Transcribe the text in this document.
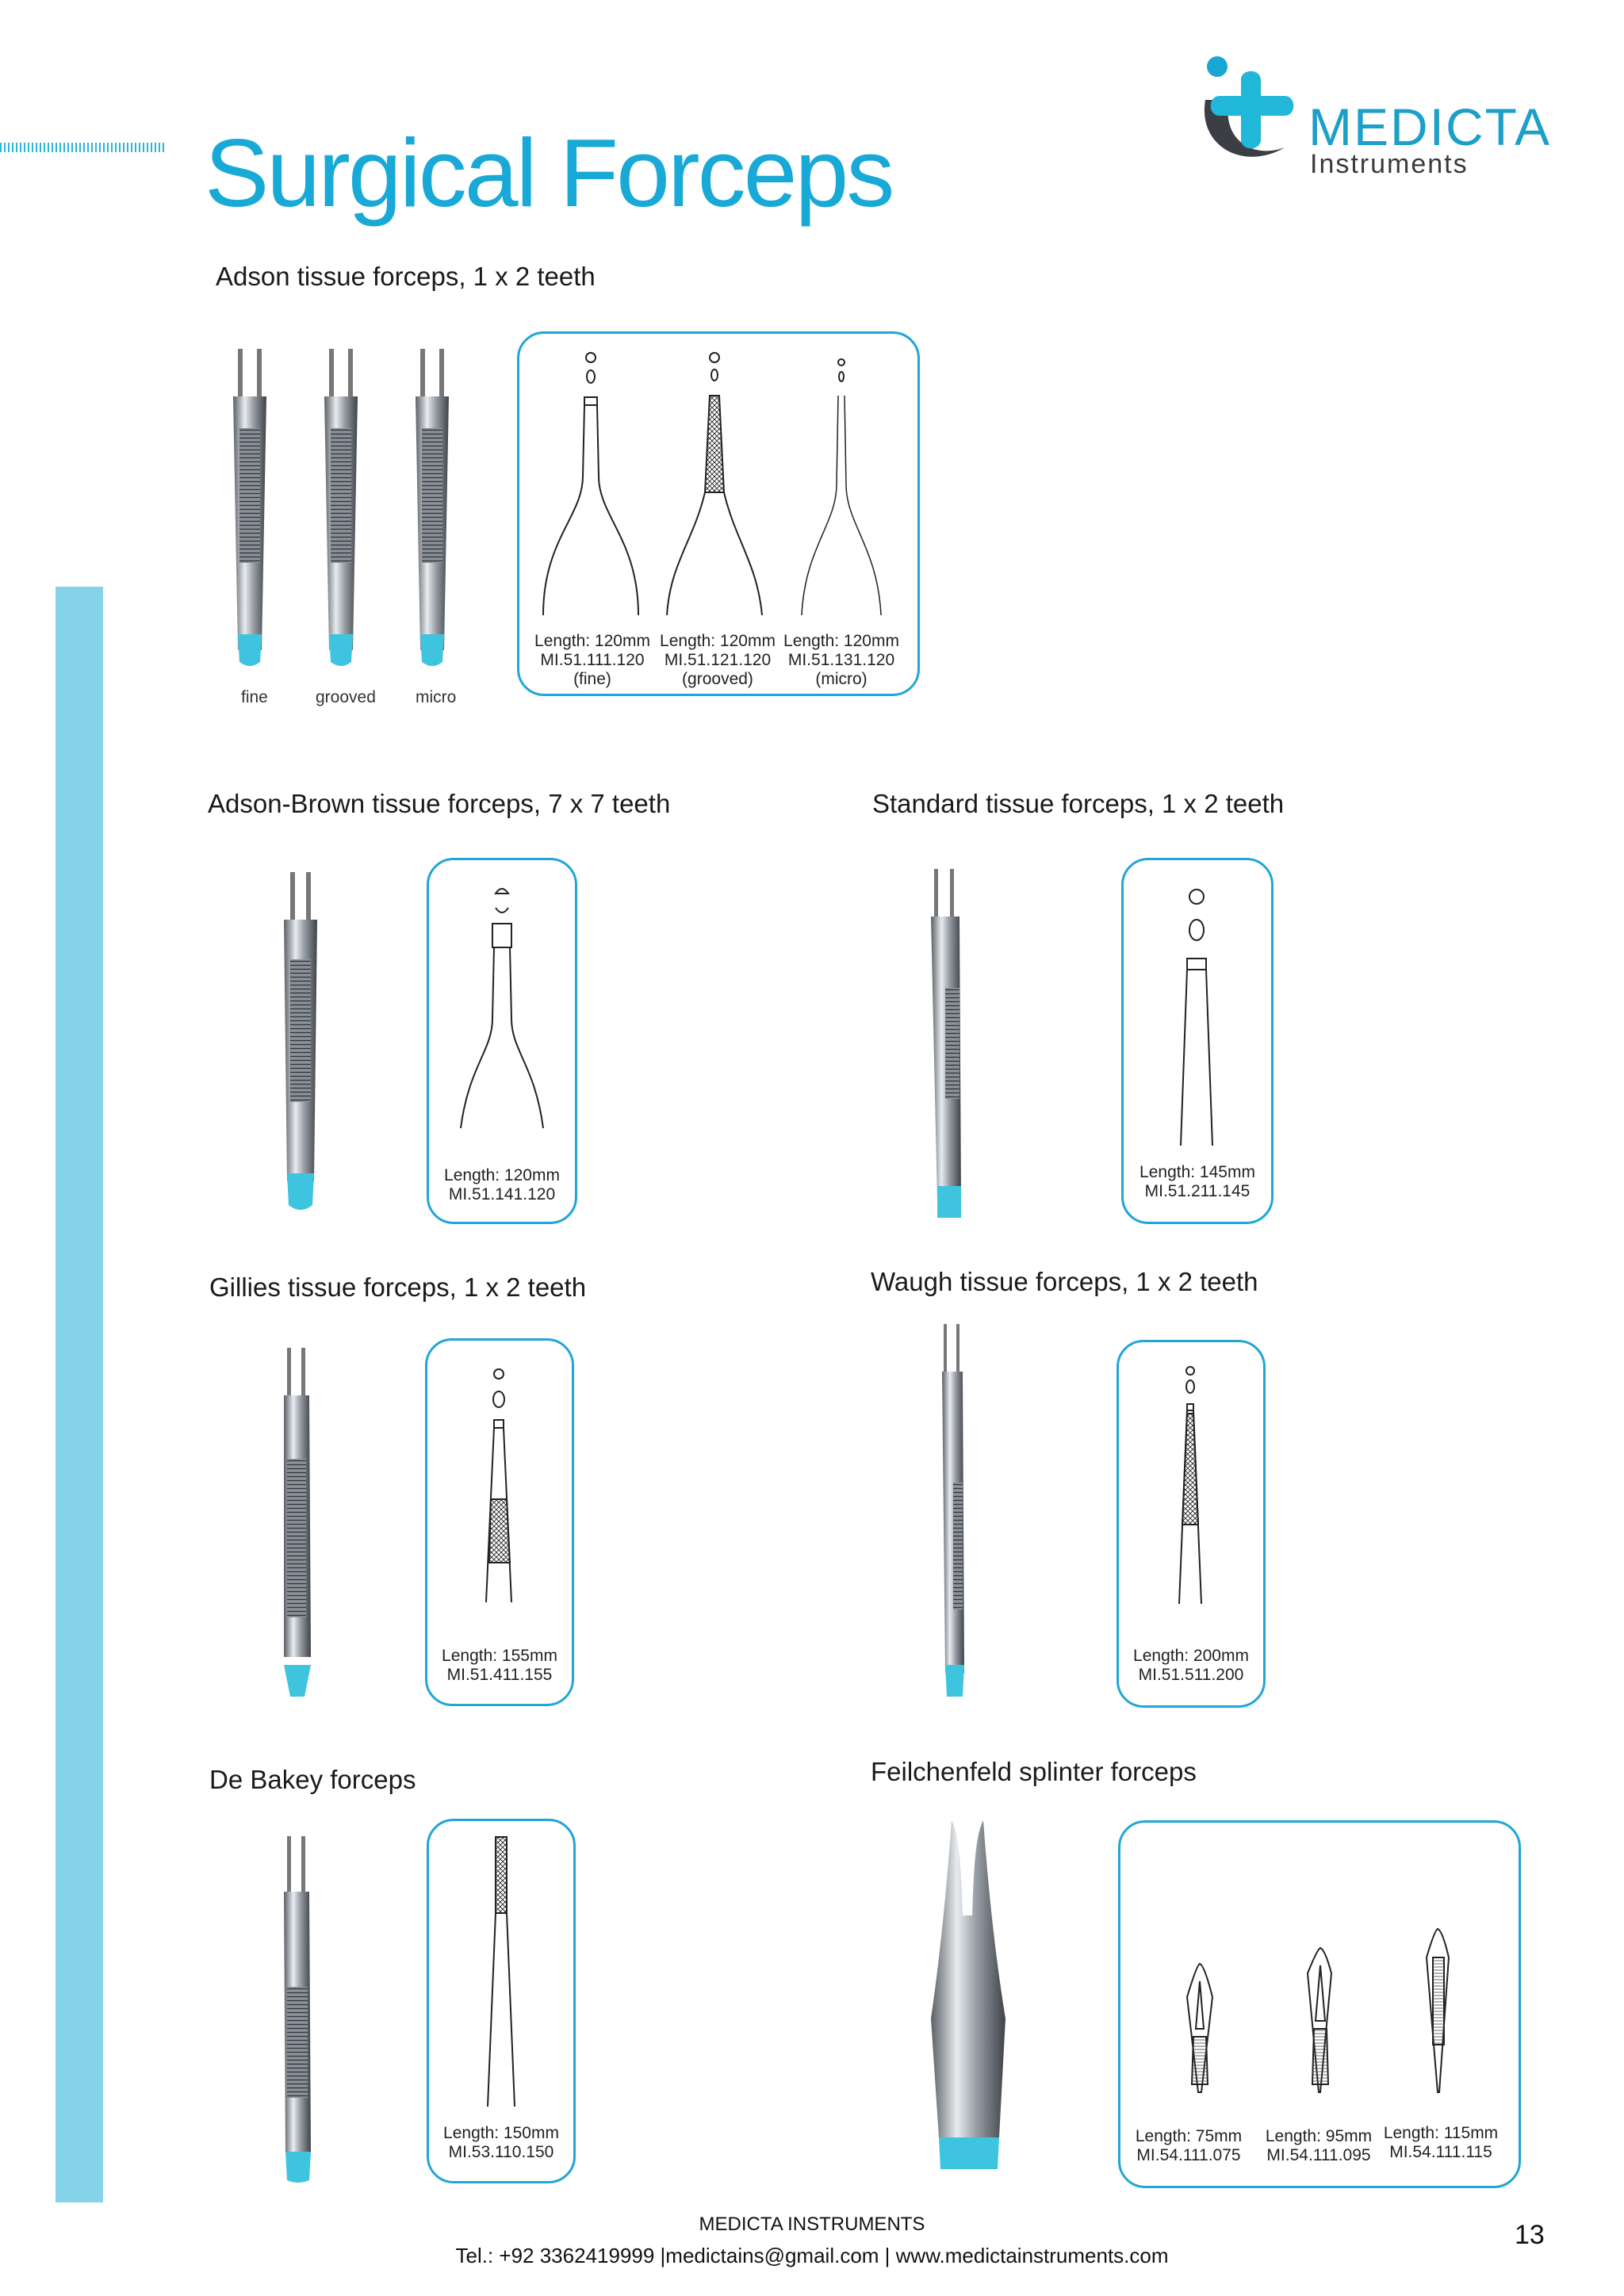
Surgical Forceps	MEDICTA
Instruments
Adson tissue forceps, 1 x 2 teeth
fine	grooved micro
Length: 120mm
MI.51.111.120
(fine)
Length: 120mm
MI.51.121.120
(grooved)
Length: 120mm
MI.51.131.120
(micro)
Adson-Brown tissue forceps, 7 x 7 teeth
Length: 120mm
MI.51.141.120
Standard tissue forceps, 1 x 2 teeth
Length: 145mm
MI.51.211.145
Gillies tissue forceps, 1 x 2 teeth
Length: 155mm
MI.51.411.155
Waugh tissue forceps, 1 x 2 teeth
Length: 200mm
MI.51.511.200
De Bakey forceps
Length: 150mm
MI.53.110.150
Feilchenfeld splinter forceps
Length: 75mm
MI.54.111.075
Length: 95mm
MI.54.111.095
Length: 115mm
MI.54.111.115
MEDICTA INSTRUMENTS
Tel.: +92 3362419999 |medictains@gmail.com | www.medictainstruments.com
13
